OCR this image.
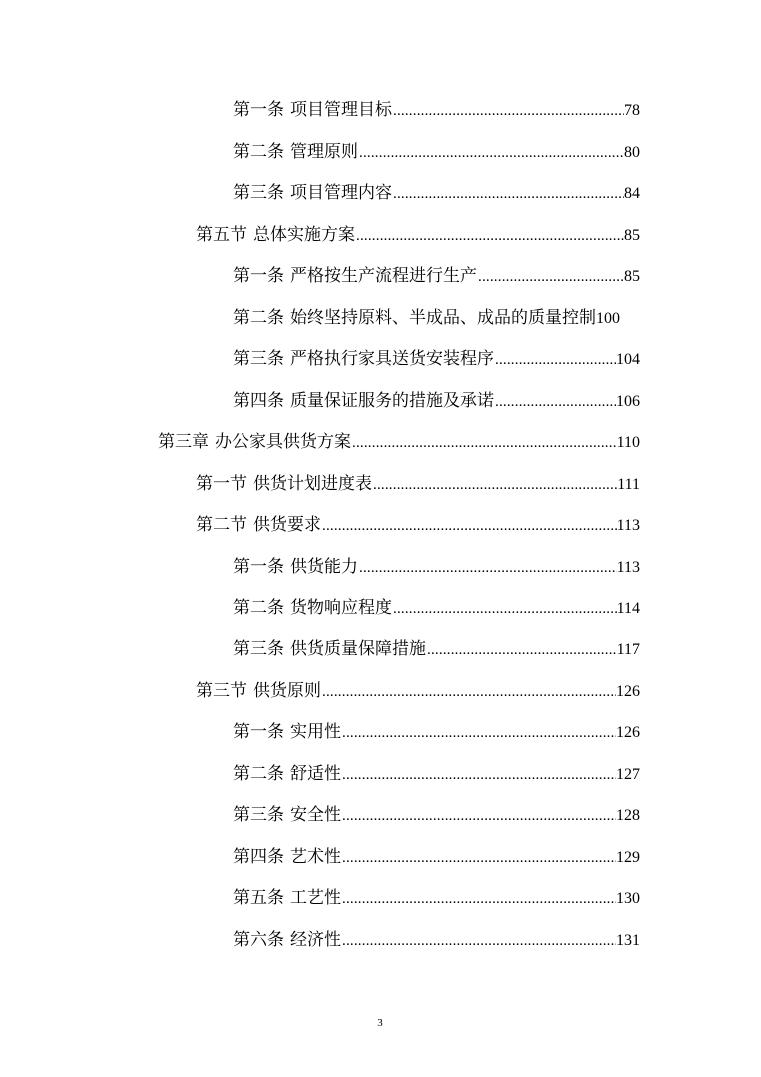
第一条 项目管理目标 .....	78
第二条 管理原则 .....	80
第三条 项目管理内容 .....	84
第五节 总体实施方案 .....	85
第一条 严格按生产流程进行生产 .....	85
第二条 始终坚持原料、半成品、成品的质量控制 100
第三条 严格执行家具送货安装程序 .....	104
第四条 质量保证服务的措施及承诺 .....	106
第三章 办公家具供货方案 .....	110
第一节 供货计划进度表 .....	111
第二节 供货要求 .....	113
第一条 供货能力 .....	113
第二条 货物响应程度 .....	114
第三条 供货质量保障措施 .....	117
第三节 供货原则 .....	126
第一条 实用性 .....	126
第二条 舒适性 .....	127
第三条 安全性 .....	128
第四条 艺术性 .....	129
第五条 工艺性 .....	130
第六条 经济性 .....	131
3
